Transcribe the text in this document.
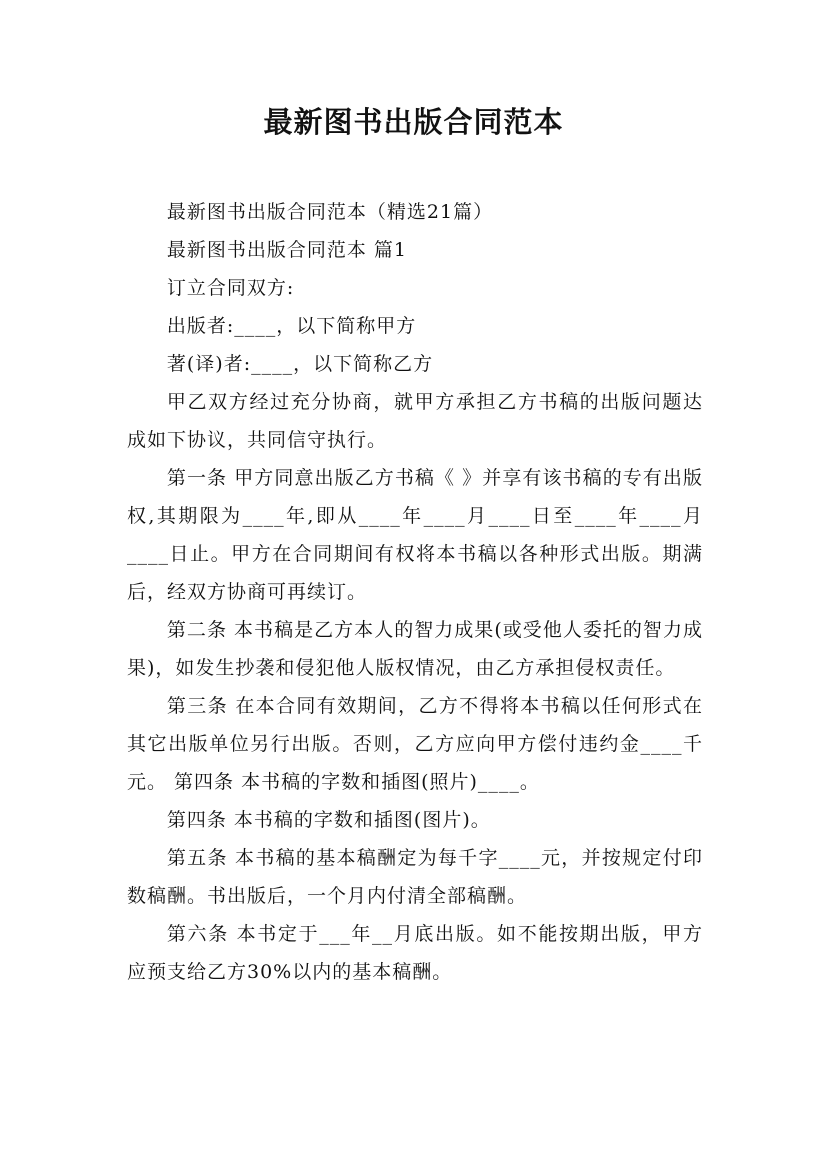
最新图书出版合同范本

最新图书出版合同范本（精选21篇）

最新图书出版合同范本 篇1

订立合同双方:

出版者:____，以下简称甲方

著(译)者:____，以下简称乙方

甲乙双方经过充分协商，就甲方承担乙方书稿的出版问题达成如下协议，共同信守执行。

第一条 甲方同意出版乙方书稿《 》并享有该书稿的专有出版权,其期限为____年,即从____年____月____日至____年____月____日止。甲方在合同期间有权将本书稿以各种形式出版。期满后，经双方协商可再续订。

第二条 本书稿是乙方本人的智力成果(或受他人委托的智力成果)，如发生抄袭和侵犯他人版权情况，由乙方承担侵权责任。

第三条 在本合同有效期间，乙方不得将本书稿以任何形式在其它出版单位另行出版。否则，乙方应向甲方偿付违约金____千元。 第四条 本书稿的字数和插图(照片)____。

第四条 本书稿的字数和插图(图片)。

第五条 本书稿的基本稿酬定为每千字____元，并按规定付印数稿酬。书出版后，一个月内付清全部稿酬。

第六条 本书定于___年__月底出版。如不能按期出版，甲方应预支给乙方30%以内的基本稿酬。
